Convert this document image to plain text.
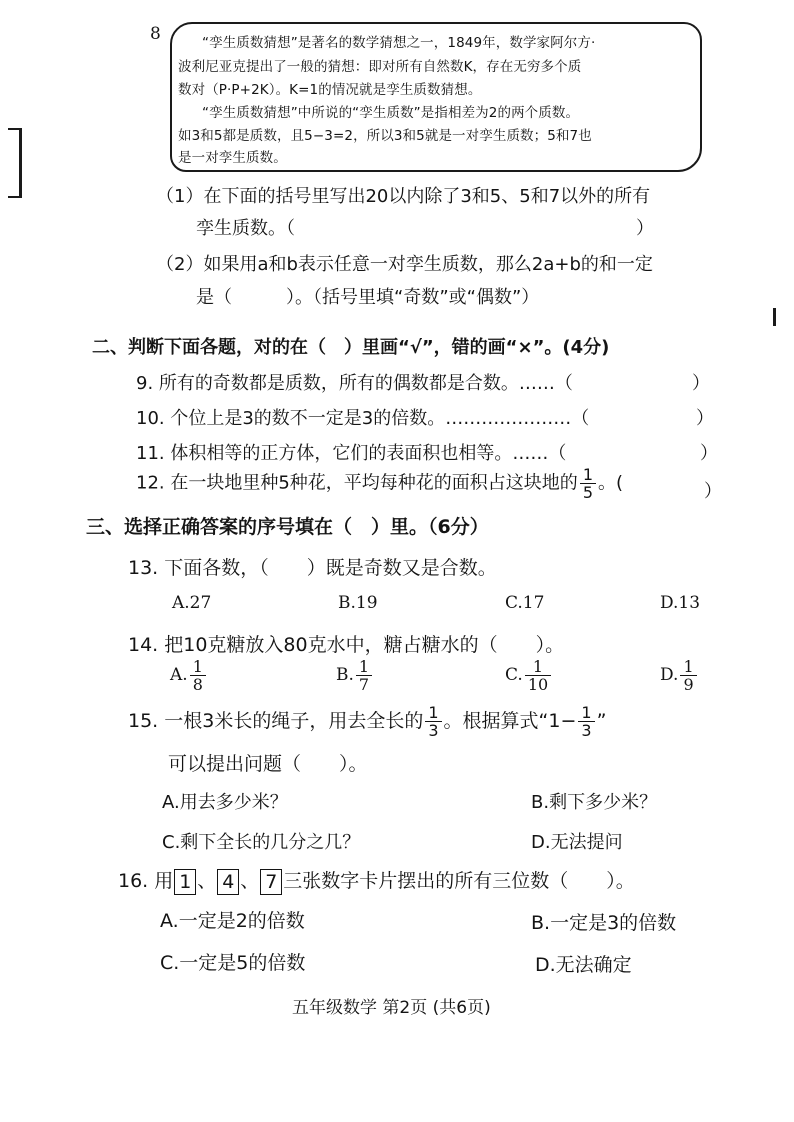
8	“孪生质数猜想”是著名的数学猜想之一，1849年，数学家阿尔方·
波利尼亚克提出了一般的猜想：即对所有自然数K，存在无穷多个质
数对（P·P+2K）。K=1的情况就是孪生质数猜想。
“孪生质数猜想”中所说的“孪生质数”是指相差为2的两个质数。
如3和5都是质数，且5−3=2，所以3和5就是一对孪生质数；5和7也
是一对孪生质数。
（1）在下面的括号里写出20以内除了3和5、5和7以外的所有
孪生质数。（	）
（2）如果用a和b表示任意一对孪生质数，那么2a+b的和一定
是（　　　）。（括号里填“奇数”或“偶数”）
二、判断下面各题，对的在（　）里画“√”，错的画“×”。(4分)
9. 所有的奇数都是质数，所有的偶数都是合数。……（	）
10. 个位上是3的数不一定是3的倍数。…………………（	）
11. 体积相等的正方体，它们的表面积也相等。……（	）
12. 在一块地里种5种花，平均每种花的面积占这块地的 $\frac{1}{5}$ 。(	）
三、选择正确答案的序号填在（　）里。（6分）
13. 下面各数，（　　）既是奇数又是合数。
A.27	B.19	C.17	D.13
14. 把10克糖放入80克水中，糖占糖水的（　　）。
A. $\frac{1}{8}$	B. $\frac{1}{7}$	C. $\frac{1}{10}$	D. $\frac{1}{9}$
15. 一根3米长的绳子，用去全长的 $\frac{1}{3}$ 。根据算式“$1- \frac{1}{3}$ ”
可以提出问题（　　）。
A.用去多少米？	B.剩下多少米？
C.剩下全长的几分之几？	D.无法提问
16. 用 1 、 4 、 7 三张数字卡片摆出的所有三位数（　　）。
A.一定是2的倍数	B.一定是3的倍数
C.一定是5的倍数	D.无法确定
五年级数学 第2页 (共6页)
